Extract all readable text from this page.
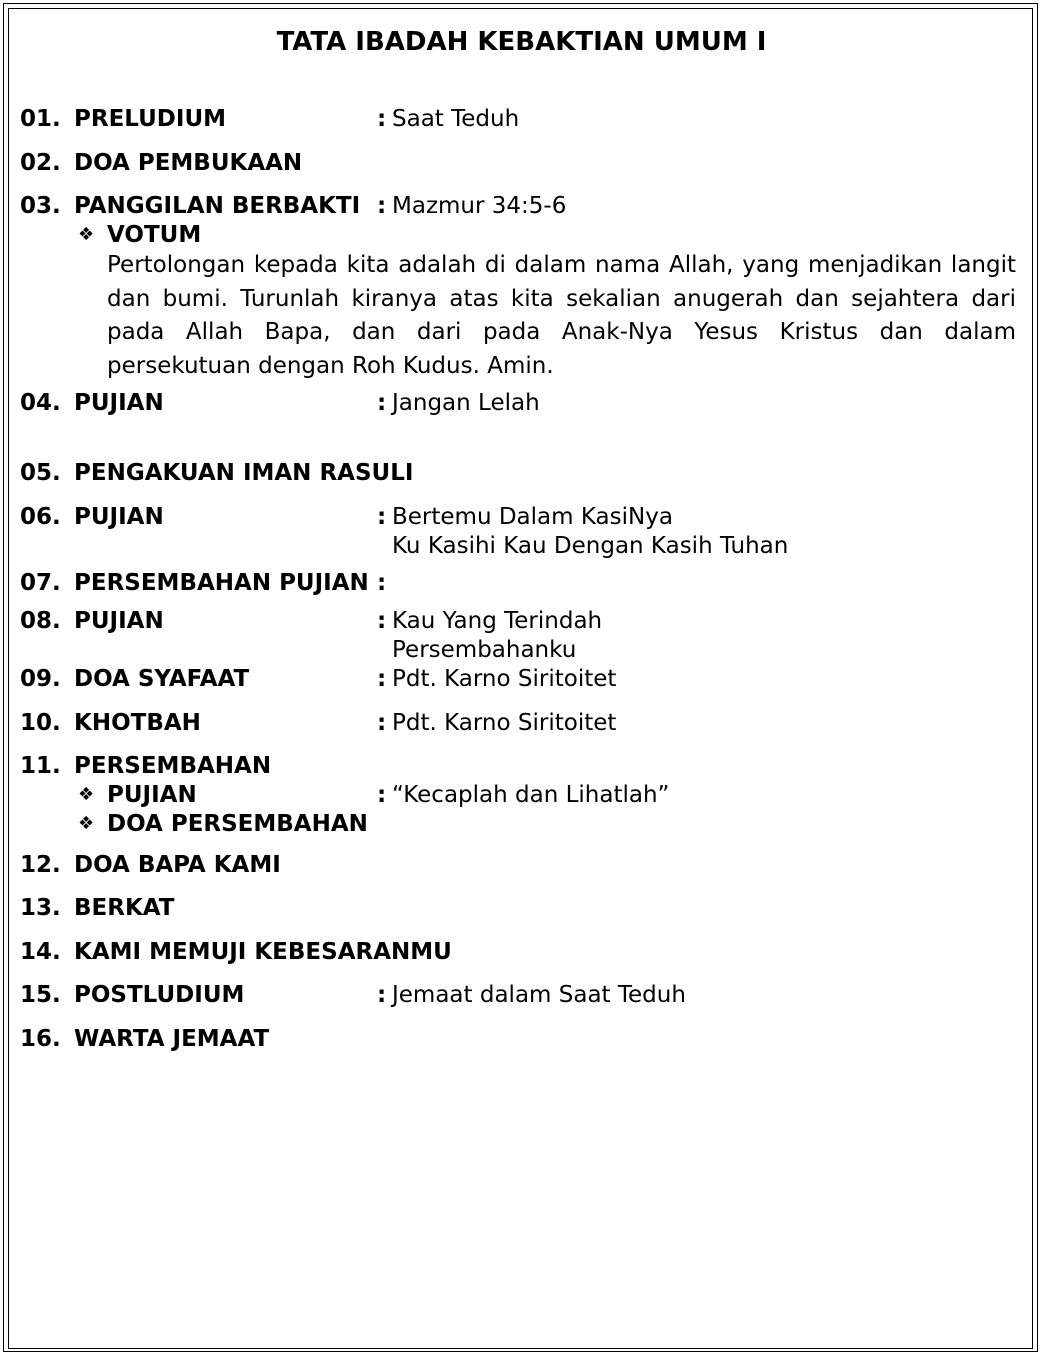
TATA IBADAH KEBAKTIAN UMUM I
01. PRELUDIUM	: Saat Teduh
02. DOA PEMBUKAAN
03. PANGGILAN BERBAKTI : Mazmur 34:5-6
❖ VOTUM
Pertolongan kepada kita adalah di dalam nama Allah, yang menjadikan langit dan bumi. Turunlah kiranya atas kita sekalian anugerah dan sejahtera dari pada Allah Bapa, dan dari pada Anak-Nya Yesus Kristus dan dalam persekutuan dengan Roh Kudus. Amin.
04. PUJIAN	: Jangan Lelah
05. PENGAKUAN IMAN RASULI
06. PUJIAN	: Bertemu Dalam KasiNya
Ku Kasihi Kau Dengan Kasih Tuhan
07. PERSEMBAHAN PUJIAN :
08. PUJIAN	: Kau Yang Terindah
Persembahanku
09. DOA SYAFAAT	: Pdt. Karno Siritoitet
10. KHOTBAH	: Pdt. Karno Siritoitet
11. PERSEMBAHAN
❖ PUJIAN	: “Kecaplah dan Lihatlah”
❖ DOA PERSEMBAHAN
12. DOA BAPA KAMI
13. BERKAT
14. KAMI MEMUJI KEBESARANMU
15. POSTLUDIUM	: Jemaat dalam Saat Teduh
16. WARTA JEMAAT
